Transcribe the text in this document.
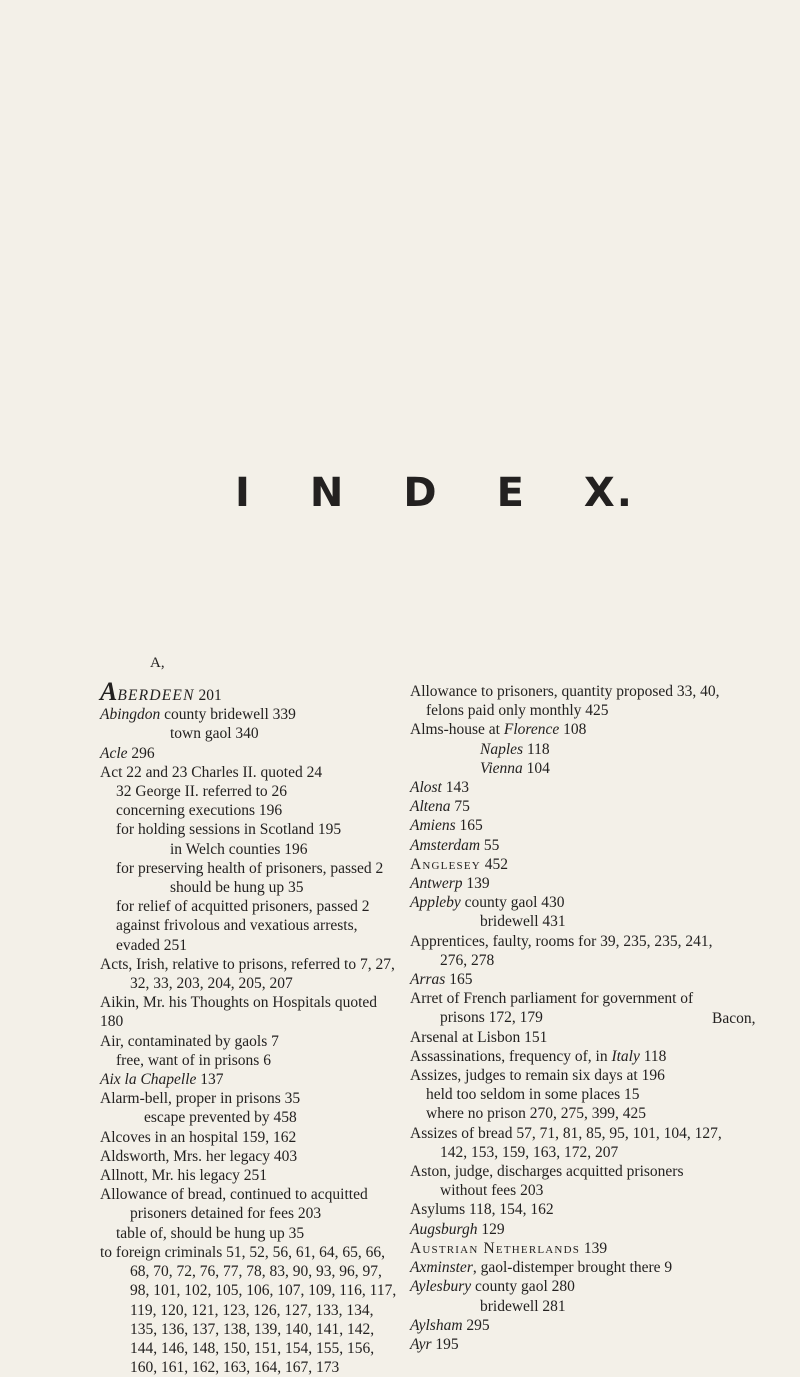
I N D E X.
A,
ABERDEEN 201
Abingdon county bridewell 339
town gaol 340
Acle 296
Act 22 and 23 Charles II. quoted 24
32 George II. referred to 26
concerning executions 196
for holding sessions in Scotland 195
in Welch counties 196
for preserving health of prisoners, passed 2
should be hung up 35
for relief of acquitted prisoners, passed 2
against frivolous and vexatious arrests, evaded 251
Acts, Irish, relative to prisons, referred to 7, 27, 32, 33, 203, 204, 205, 207
Aikin, Mr. his Thoughts on Hospitals quoted 180
Air, contaminated by gaols 7
free, want of in prisons 6
Aix la Chapelle 137
Alarm-bell, proper in prisons 35
escape prevented by 458
Alcoves in an hospital 159, 162
Aldsworth, Mrs. her legacy 403
Allnott, Mr. his legacy 251
Allowance of bread, continued to acquitted prisoners detained for fees 203
table of, should be hung up 35
to foreign criminals 51, 52, 56, 61, 64, 65, 66, 68, 70, 72, 76, 77, 78, 83, 90, 93, 96, 97, 98, 101, 102, 105, 106, 107, 109, 116, 117, 119, 120, 121, 123, 126, 127, 133, 134, 135, 136, 137, 138, 139, 140, 141, 142, 144, 146, 148, 150, 151, 154, 155, 156, 160, 161, 162, 163, 164, 167, 173
Allowance to prisoners, quantity proposed 33, 40,
felons paid only monthly 425
Alms-house at Florence 108
Naples 118
Vienna 104
Alost 143
Altena 75
Amiens 165
Amsterdam 55
Anglesey 452
Antwerp 139
Appleby county gaol 430
bridewell 431
Apprentices, faulty, rooms for 39, 235, 235, 241, 276, 278
Arras 165
Arret of French parliament for government of prisons 172, 179
Arsenal at Lisbon 151
Assassinations, frequency of, in Italy 118
Assizes, judges to remain six days at 196
held too seldom in some places 15
where no prison 270, 275, 399, 425
Assizes of bread 57, 71, 81, 85, 95, 101, 104, 127, 142, 153, 159, 163, 172, 207
Aston, judge, discharges acquitted prisoners without fees 203
Asylums 118, 154, 162
Augsburgh 129
Austrian Netherlands 139
Axminster, gaol-distemper brought there 9
Aylesbury county gaol 280
bridewell 281
Aylsham 295
Ayr 195
Bacon,
